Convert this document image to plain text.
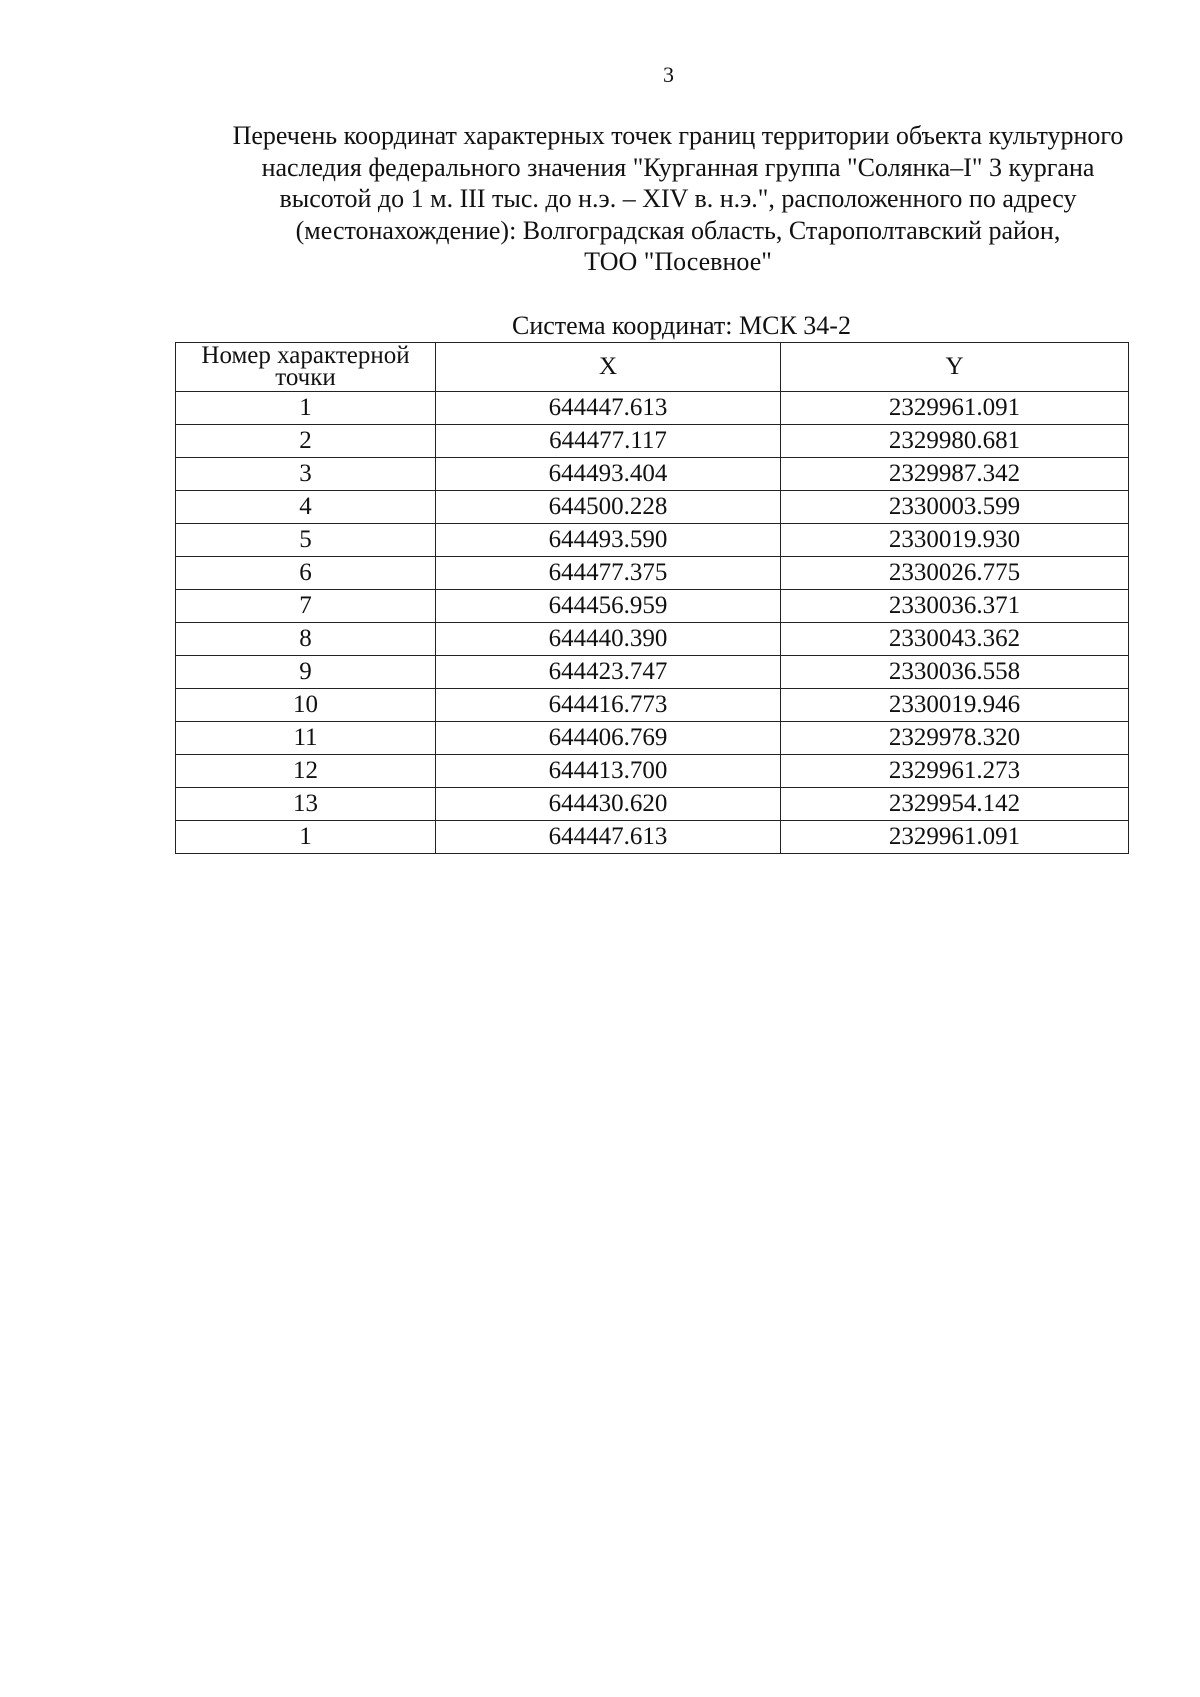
3
Перечень координат характерных точек границ территории объекта культурного
наследия федерального значения "Курганная группа "Солянка–I" 3 кургана
высотой до 1 м. III тыс. до н.э. – XIV в. н.э.", расположенного по адресу
(местонахождение): Волгоградская область, Старополтавский район,
ТОО "Посевное"
Система координат: МСК 34-2
Номер характерной
точки	X	Y
1	644447.613	2329961.091
2	644477.117	2329980.681
3	644493.404	2329987.342
4	644500.228	2330003.599
5	644493.590	2330019.930
6	644477.375	2330026.775
7	644456.959	2330036.371
8	644440.390	2330043.362
9	644423.747	2330036.558
10	644416.773	2330019.946
11	644406.769	2329978.320
12	644413.700	2329961.273
13	644430.620	2329954.142
1	644447.613	2329961.091
